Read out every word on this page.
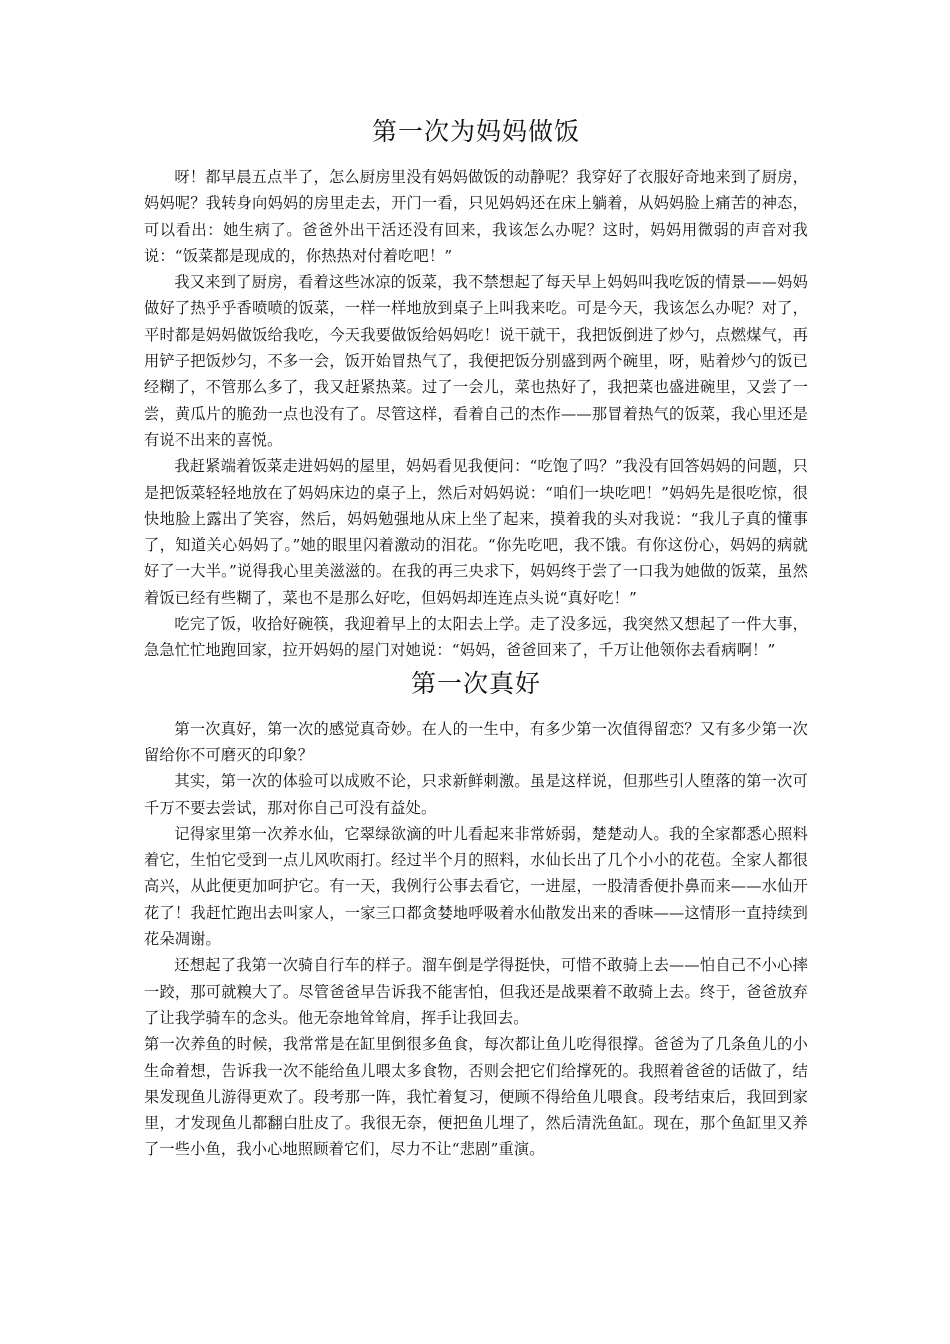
第一次为妈妈做饭

呀！都早晨五点半了，怎么厨房里没有妈妈做饭的动静呢？我穿好了衣服好奇地来到了厨房，妈妈呢？我转身向妈妈的房里走去，开门一看，只见妈妈还在床上躺着，从妈妈脸上痛苦的神态，可以看出：她生病了。爸爸外出干活还没有回来，我该怎么办呢？这时，妈妈用微弱的声音对我说：“饭菜都是现成的，你热热对付着吃吧！”

我又来到了厨房，看着这些冰凉的饭菜，我不禁想起了每天早上妈妈叫我吃饭的情景——妈妈做好了热乎乎香喷喷的饭菜，一样一样地放到桌子上叫我来吃。可是今天，我该怎么办呢？对了，平时都是妈妈做饭给我吃，今天我要做饭给妈妈吃！说干就干，我把饭倒进了炒勺，点燃煤气，再用铲子把饭炒匀，不多一会，饭开始冒热气了，我便把饭分别盛到两个碗里，呀，贴着炒勺的饭已经糊了，不管那么多了，我又赶紧热菜。过了一会儿，菜也热好了，我把菜也盛进碗里，又尝了一尝，黄瓜片的脆劲一点也没有了。尽管这样，看着自己的杰作——那冒着热气的饭菜，我心里还是有说不出来的喜悦。

我赶紧端着饭菜走进妈妈的屋里，妈妈看见我便问：“吃饱了吗？”我没有回答妈妈的问题，只是把饭菜轻轻地放在了妈妈床边的桌子上，然后对妈妈说：“咱们一块吃吧！”妈妈先是很吃惊，很快地脸上露出了笑容，然后，妈妈勉强地从床上坐了起来，摸着我的头对我说：“我儿子真的懂事了，知道关心妈妈了。”她的眼里闪着激动的泪花。“你先吃吧，我不饿。有你这份心，妈妈的病就好了一大半。”说得我心里美滋滋的。在我的再三央求下，妈妈终于尝了一口我为她做的饭菜，虽然着饭已经有些糊了，菜也不是那么好吃，但妈妈却连连点头说“真好吃！”

吃完了饭，收拾好碗筷，我迎着早上的太阳去上学。走了没多远，我突然又想起了一件大事，急急忙忙地跑回家，拉开妈妈的屋门对她说：“妈妈，爸爸回来了，千万让他领你去看病啊！”

第一次真好

第一次真好，第一次的感觉真奇妙。在人的一生中，有多少第一次值得留恋？又有多少第一次留给你不可磨灭的印象？

其实，第一次的体验可以成败不论，只求新鲜刺激。虽是这样说，但那些引人堕落的第一次可千万不要去尝试，那对你自己可没有益处。

记得家里第一次养水仙，它翠绿欲滴的叶儿看起来非常娇弱，楚楚动人。我的全家都悉心照料着它，生怕它受到一点儿风吹雨打。经过半个月的照料，水仙长出了几个小小的花苞。全家人都很高兴，从此便更加呵护它。有一天，我例行公事去看它，一进屋，一股清香便扑鼻而来——水仙开花了！我赶忙跑出去叫家人，一家三口都贪婪地呼吸着水仙散发出来的香味——这情形一直持续到花朵凋谢。

还想起了我第一次骑自行车的样子。溜车倒是学得挺快，可惜不敢骑上去——怕自己不小心摔一跤，那可就糗大了。尽管爸爸早告诉我不能害怕，但我还是战栗着不敢骑上去。终于，爸爸放弃了让我学骑车的念头。他无奈地耸耸肩，挥手让我回去。

第一次养鱼的时候，我常常是在缸里倒很多鱼食，每次都让鱼儿吃得很撑。爸爸为了几条鱼儿的小生命着想，告诉我一次不能给鱼儿喂太多食物，否则会把它们给撑死的。我照着爸爸的话做了，结果发现鱼儿游得更欢了。段考那一阵，我忙着复习，便顾不得给鱼儿喂食。段考结束后，我回到家里，才发现鱼儿都翻白肚皮了。我很无奈，便把鱼儿埋了，然后清洗鱼缸。现在，那个鱼缸里又养了一些小鱼，我小心地照顾着它们，尽力不让“悲剧”重演。
